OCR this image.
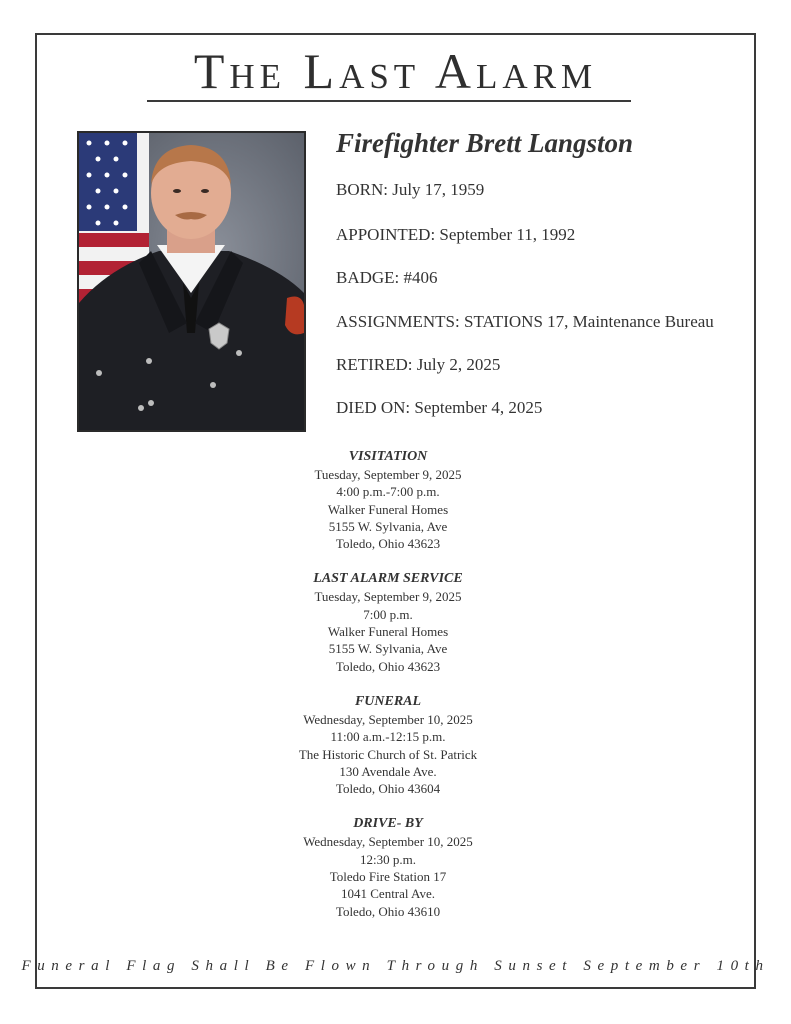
The Last Alarm
Firefighter Brett Langston
BORN: July 17, 1959
APPOINTED: September 11, 1992
BADGE: #406
ASSIGNMENTS: STATIONS 17, Maintenance Bureau
RETIRED: July 2, 2025
DIED ON: September 4, 2025
VISITATION
Tuesday, September 9, 2025
4:00 p.m.-7:00 p.m.
Walker Funeral Homes
5155 W. Sylvania, Ave
Toledo, Ohio 43623
LAST ALARM SERVICE
Tuesday, September 9, 2025
7:00 p.m.
Walker Funeral Homes
5155 W. Sylvania, Ave
Toledo, Ohio 43623
FUNERAL
Wednesday, September 10, 2025
11:00 a.m.-12:15 p.m.
The Historic Church of St. Patrick
130 Avendale Ave.
Toledo, Ohio 43604
DRIVE- BY
Wednesday, September 10, 2025
12:30 p.m.
Toledo Fire Station 17
1041 Central Ave.
Toledo, Ohio 43610
Funeral Flag Shall Be Flown Through Sunset September 10th
